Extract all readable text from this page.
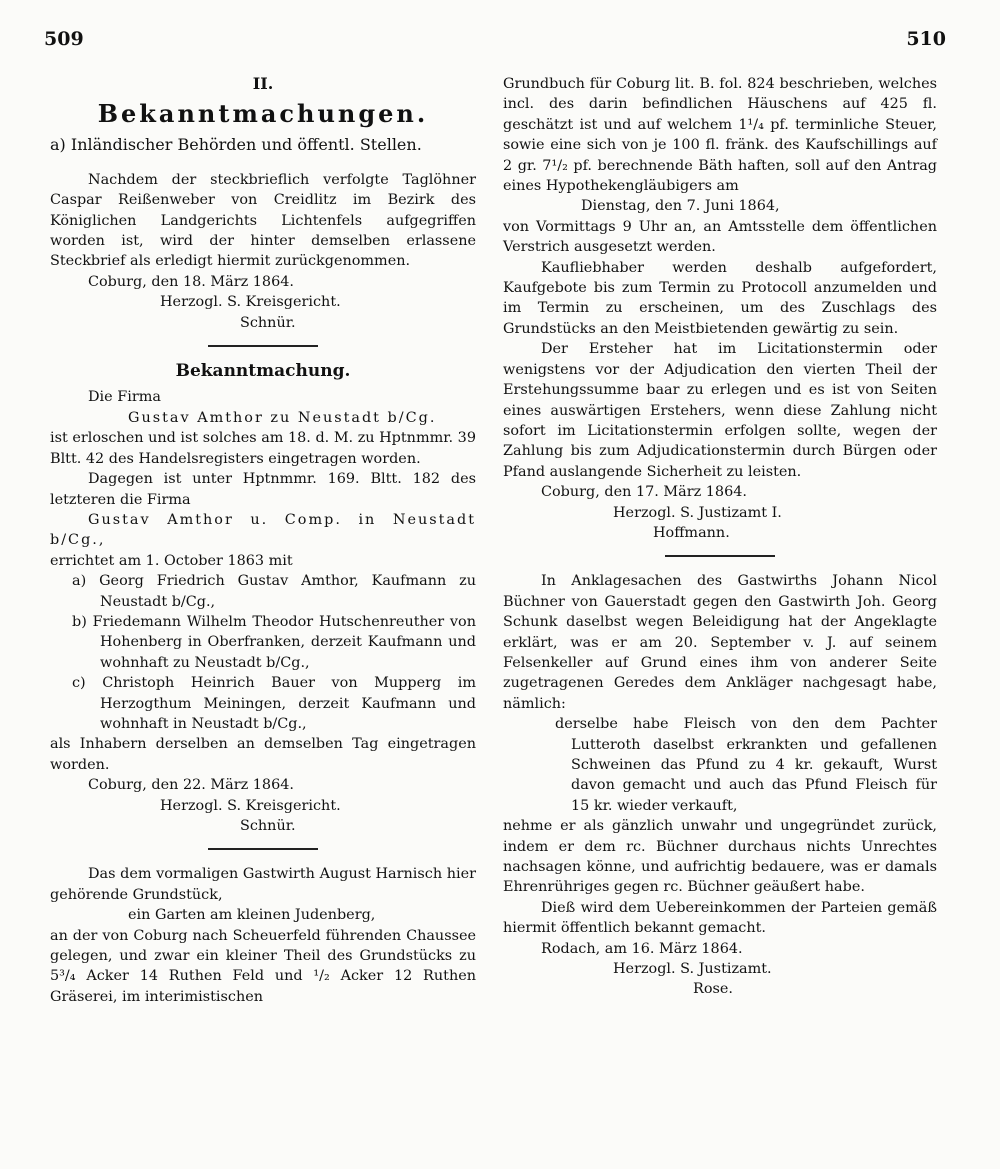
509	510
II.
Bekanntmachungen.

a) Inländischer Behörden und öffentl. Stellen.

Nachdem der steckbrieflich verfolgte Taglöhner Caspar Reißenweber von Creidlitz im Bezirk des Königlichen Landgerichts Lichtenfels aufgegriffen worden ist, wird der hinter demselben erlassene Steckbrief als erledigt hiermit zurückgenommen.

Coburg, den 18. März 1864.

Herzogl. S. Kreisgericht.

Schnür.

Bekanntmachung.

Die Firma

Gustav Amthor zu Neustadt b/Cg.

ist erloschen und ist solches am 18. d. M. zu Hptnmmr. 39 Bltt. 42 des Handelsregisters eingetragen worden.

Dagegen ist unter Hptnmmr. 169. Bltt. 182 des letzteren die Firma

Gustav Amthor u. Comp. in Neustadt b/Cg.,

errichtet am 1. October 1863 mit

a) Georg Friedrich Gustav Amthor, Kaufmann zu Neustadt b/Cg.,

b) Friedemann Wilhelm Theodor Hutschenreuther von Hohenberg in Oberfranken, derzeit Kaufmann und wohnhaft zu Neustadt b/Cg.,

c) Christoph Heinrich Bauer von Mupperg im Herzogthum Meiningen, derzeit Kaufmann und wohnhaft in Neustadt b/Cg.,

als Inhabern derselben an demselben Tag eingetragen worden.

Coburg, den 22. März 1864.

Herzogl. S. Kreisgericht.

Schnür.

Das dem vormaligen Gastwirth August Harnisch hier gehörende Grundstück,

ein Garten am kleinen Judenberg,

an der von Coburg nach Scheuerfeld führenden Chaussee gelegen, und zwar ein kleiner Theil des Grundstücks zu 5³/₄ Acker 14 Ruthen Feld und ¹/₂ Acker 12 Ruthen Gräserei, im interimistischen

Grundbuch für Coburg lit. B. fol. 824 beschrieben, welches incl. des darin befindlichen Häuschens auf 425 fl. geschätzt ist und auf welchem 1¹/₄ pf. terminliche Steuer, sowie eine sich von je 100 fl. fränk. des Kaufschillings auf 2 gr. 7¹/₂ pf. berechnende Bäth haften, soll auf den Antrag eines Hypothekengläubigers am

Dienstag, den 7. Juni 1864,

von Vormittags 9 Uhr an, an Amtsstelle dem öffentlichen Verstrich ausgesetzt werden.

Kaufliebhaber werden deshalb aufgefordert, Kaufgebote bis zum Termin zu Protocoll anzumelden und im Termin zu erscheinen, um des Zuschlags des Grundstücks an den Meistbietenden gewärtig zu sein.

Der Ersteher hat im Licitationstermin oder wenigstens vor der Adjudication den vierten Theil der Erstehungssumme baar zu erlegen und es ist von Seiten eines auswärtigen Erstehers, wenn diese Zahlung nicht sofort im Licitationstermin erfolgen sollte, wegen der Zahlung bis zum Adjudicationstermin durch Bürgen oder Pfand auslangende Sicherheit zu leisten.

Coburg, den 17. März 1864.

Herzogl. S. Justizamt I.

Hoffmann.

In Anklagesachen des Gastwirths Johann Nicol Büchner von Gauerstadt gegen den Gastwirth Joh. Georg Schunk daselbst wegen Beleidigung hat der Angeklagte erklärt, was er am 20. September v. J. auf seinem Felsenkeller auf Grund eines ihm von anderer Seite zugetragenen Geredes dem Ankläger nachgesagt habe, nämlich:

derselbe habe Fleisch von den dem Pachter Lutteroth daselbst erkrankten und gefallenen Schweinen das Pfund zu 4 kr. gekauft, Wurst davon gemacht und auch das Pfund Fleisch für 15 kr. wieder verkauft,

nehme er als gänzlich unwahr und ungegründet zurück, indem er dem rc. Büchner durchaus nichts Unrechtes nachsagen könne, und aufrichtig bedauere, was er damals Ehrenrühriges gegen rc. Büchner geäußert habe.

Dieß wird dem Uebereinkommen der Parteien gemäß hiermit öffentlich bekannt gemacht.

Rodach, am 16. März 1864.

Herzogl. S. Justizamt.

Rose.
